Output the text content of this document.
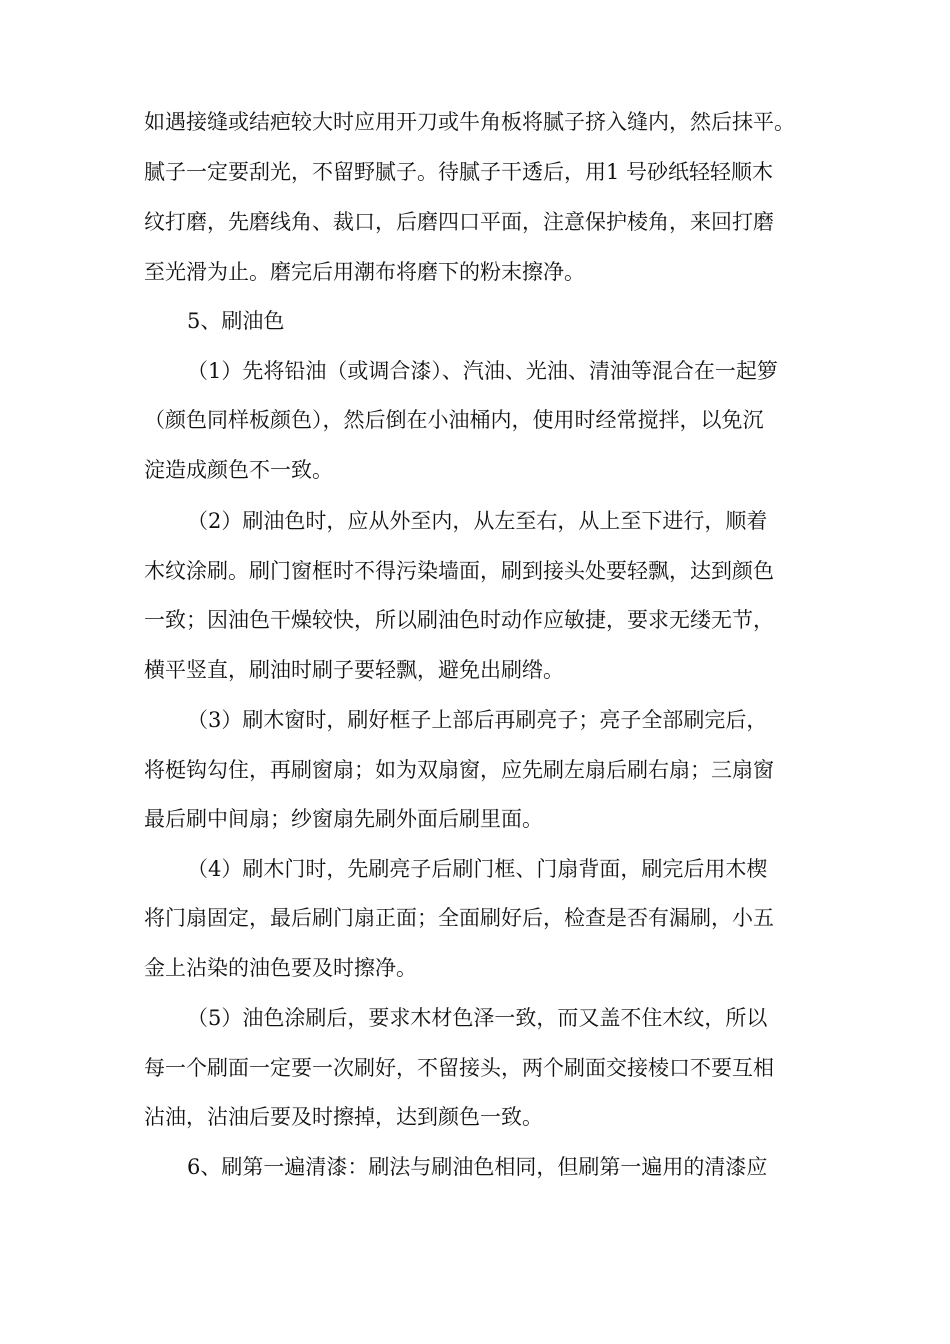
如遇接缝或结疤较大时应用开刀或牛角板将腻子挤入缝内，然后抹平。
腻子一定要刮光，不留野腻子。待腻子干透后，用1 号砂纸轻轻顺木
纹打磨，先磨线角、裁口，后磨四口平面，注意保护棱角，来回打磨
至光滑为止。磨完后用潮布将磨下的粉末擦净。
5、刷油色
（1）先将铅油（或调合漆）、汽油、光油、清油等混合在一起箩
（颜色同样板颜色），然后倒在小油桶内，使用时经常搅拌，以免沉
淀造成颜色不一致。
（2）刷油色时，应从外至内，从左至右，从上至下进行，顺着
木纹涂刷。刷门窗框时不得污染墙面，刷到接头处要轻飘，达到颜色
一致；因油色干燥较快，所以刷油色时动作应敏捷，要求无缕无节，
横平竖直，刷油时刷子要轻飘，避免出刷绺。
（3）刷木窗时，刷好框子上部后再刷亮子；亮子全部刷完后，
将梃钩勾住，再刷窗扇；如为双扇窗，应先刷左扇后刷右扇；三扇窗
最后刷中间扇；纱窗扇先刷外面后刷里面。
（4）刷木门时，先刷亮子后刷门框、门扇背面，刷完后用木楔
将门扇固定，最后刷门扇正面；全面刷好后，检查是否有漏刷，小五
金上沾染的油色要及时擦净。
（5）油色涂刷后，要求木材色泽一致，而又盖不住木纹，所以
每一个刷面一定要一次刷好，不留接头，两个刷面交接棱口不要互相
沾油，沾油后要及时擦掉，达到颜色一致。
6、刷第一遍清漆：刷法与刷油色相同，但刷第一遍用的清漆应
